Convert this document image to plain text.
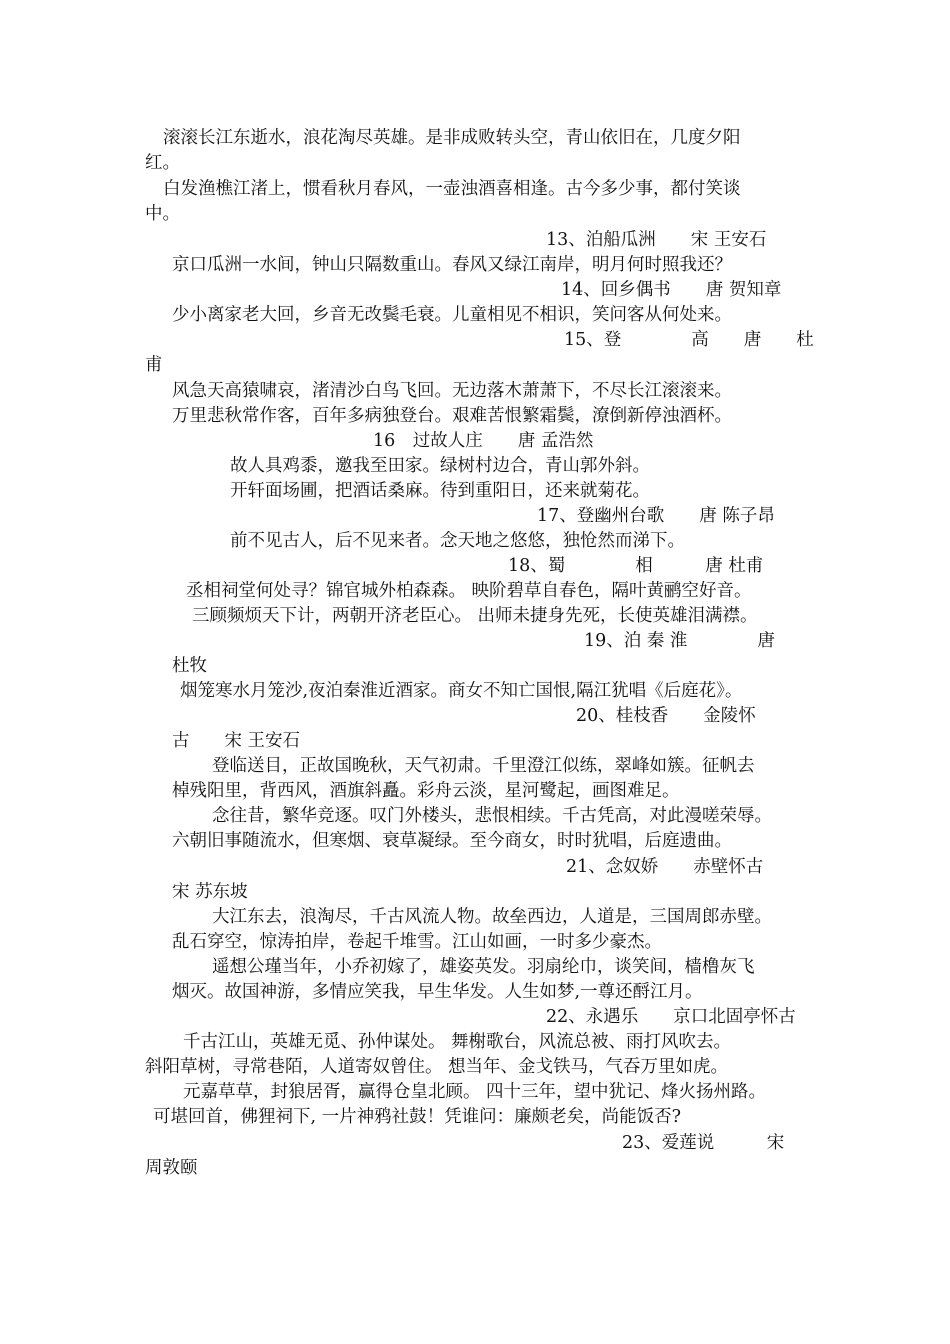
滚滚长江东逝水，浪花淘尽英雄。是非成败转头空，青山依旧在，几度夕阳
红。
白发渔樵江渚上，惯看秋月春风，一壶浊酒喜相逢。古今多少事，都付笑谈
中。
13、泊船瓜洲　　宋 王安石
京口瓜洲一水间，钟山只隔数重山。春风又绿江南岸，明月何时照我还？
14、回乡偶书　　唐 贺知章
少小离家老大回，乡音无改鬓毛衰。儿童相见不相识，笑问客从何处来。
15、登　　　　高　　唐　　杜
甫
风急天高猿啸哀，渚清沙白鸟飞回。无边落木萧萧下，不尽长江滚滚来。
万里悲秋常作客，百年多病独登台。艰难苦恨繁霜鬓，潦倒新停浊酒杯。
16　过故人庄　　唐 孟浩然
故人具鸡黍，邀我至田家。绿树村边合，青山郭外斜。
开轩面场圃，把酒话桑麻。待到重阳日，还来就菊花。
17、登幽州台歌　　唐 陈子昂
前不见古人，后不见来者。念天地之悠悠，独怆然而涕下。
18、蜀　　　　相　　　唐 杜甫
丞相祠堂何处寻？锦官城外柏森森。 映阶碧草自春色，隔叶黄鹂空好音。
三顾频烦天下计，两朝开济老臣心。 出师未捷身先死，长使英雄泪满襟。
19、泊 秦 淮　　　　唐
杜牧
烟笼寒水月笼沙,夜泊秦淮近酒家。商女不知亡国恨,隔江犹唱《后庭花》。
20、桂枝香　　金陵怀
古　　宋 王安石
登临送目，正故国晚秋，天气初肃。千里澄江似练，翠峰如簇。征帆去
棹残阳里，背西风，酒旗斜矗。彩舟云淡，星河鹭起，画图难足。
念往昔，繁华竞逐。叹门外楼头，悲恨相续。千古凭高，对此漫嗟荣辱。
六朝旧事随流水，但寒烟、衰草凝绿。至今商女，时时犹唱，后庭遗曲。
21、念奴娇　　赤壁怀古
宋 苏东坡
大江东去，浪淘尽，千古风流人物。故垒西边，人道是，三国周郎赤壁。
乱石穿空，惊涛拍岸，卷起千堆雪。江山如画，一时多少豪杰。
遥想公瑾当年，小乔初嫁了，雄姿英发。羽扇纶巾，谈笑间，樯橹灰飞
烟灭。故国神游，多情应笑我，早生华发。人生如梦,一尊还酹江月。
22、永遇乐　　京口北固亭怀古
千古江山，英雄无觅、孙仲谋处。 舞榭歌台，风流总被、雨打风吹去。
斜阳草树，寻常巷陌，人道寄奴曾住。 想当年、金戈铁马，气吞万里如虎。
元嘉草草，封狼居胥，赢得仓皇北顾。 四十三年，望中犹记、烽火扬州路。
可堪回首，佛狸祠下, 一片神鸦社鼓！凭谁问：廉颇老矣，尚能饭否?
23、爱莲说　　　宋
周敦颐
